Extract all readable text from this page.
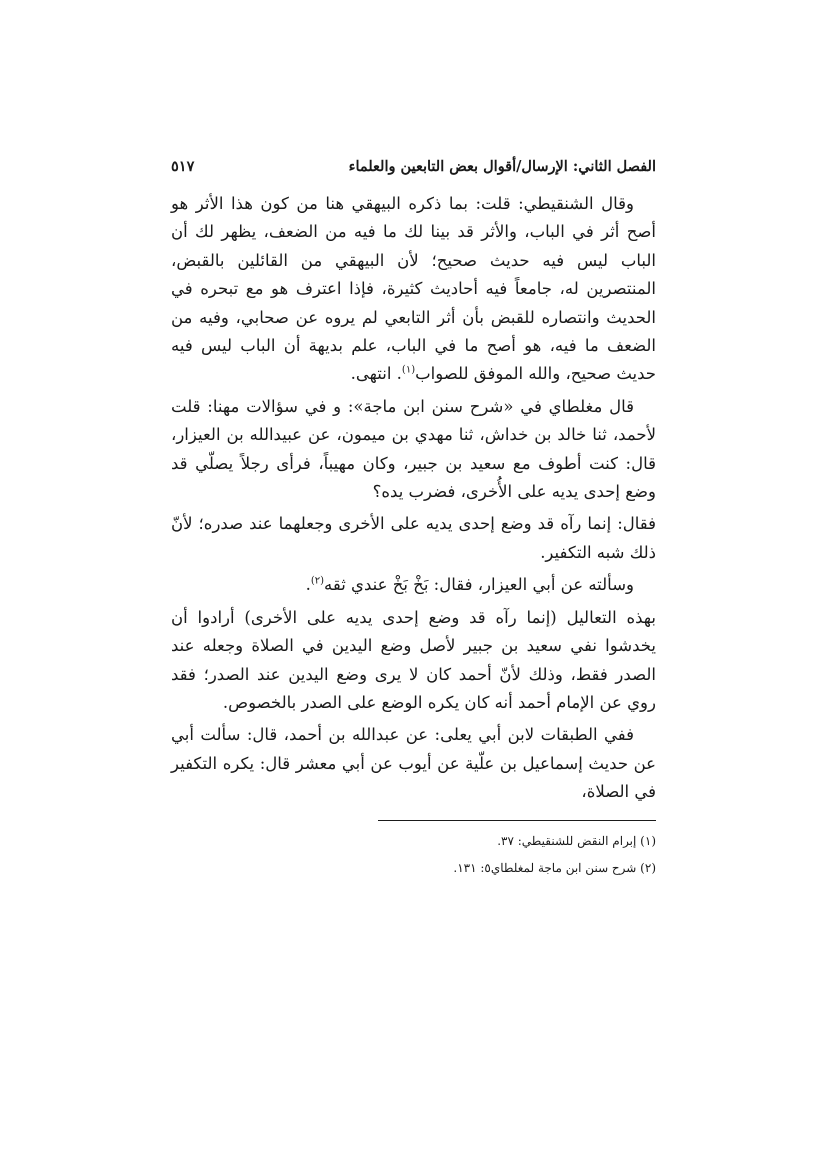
الفصل الثاني: الإرسال/أقوال بعض التابعين والعلماء
٥١٧

وقال الشنقيطي: قلت: بما ذكره البيهقي هنا من كون هذا الأثر هو أصح أثر في الباب، والأثر قد بينا لك ما فيه من الضعف، يظهر لك أن الباب ليس فيه حديث صحيح؛ لأن البيهقي من القائلين بالقبض، المنتصرين له، جامعاً فيه أحاديث كثيرة، فإذا اعترف هو مع تبحره في الحديث وانتصاره للقبض بأن أثر التابعي لم يروه عن صحابي، وفيه من الضعف ما فيه، هو أصح ما في الباب، علم بديهة أن الباب ليس فيه حديث صحيح، والله الموفق للصواب$^{(١)}$. انتهى.

قال مغلطاي في «شرح سنن ابن ماجة»: و في سؤالات مهنا: قلت لأحمد، ثنا خالد بن خداش، ثنا مهدي بن ميمون، عن عبيدالله بن العيزار، قال: كنت أطوف مع سعيد بن جبير، وكان مهيباً، فرأى رجلاً يصلّي قد وضع إحدى يديه على الأُخرى، فضرب يده؟

فقال: إنما رآه قد وضع إحدى يديه على الأخرى وجعلهما عند صدره؛ لأنّ ذلك شبه التكفير.

وسألته عن أبي العيزار، فقال: بَخْ بَخْ عندي ثقه$^{(٢)}$.

بهذه التعاليل (إنما رآه قد وضع إحدى يديه على الأخرى) أرادوا أن يخدشوا نفي سعيد بن جبير لأصل وضع اليدين في الصلاة وجعله عند الصدر فقط، وذلك لأنّ أحمد كان لا يرى وضع اليدين عند الصدر؛ فقد روي عن الإمام أحمد أنه كان يكره الوضع على الصدر بالخصوص.

ففي الطبقات لابن أبي يعلى: عن عبدالله بن أحمد، قال: سألت أبي عن حديث إسماعيل بن علّية عن أيوب عن أبي معشر قال: يكره التكفير في الصلاة،

(١) إبرام النقض للشنقيطي: ٣٧.

(٢) شرح سنن ابن ماجة لمغلطاي٥: ١٣١.
